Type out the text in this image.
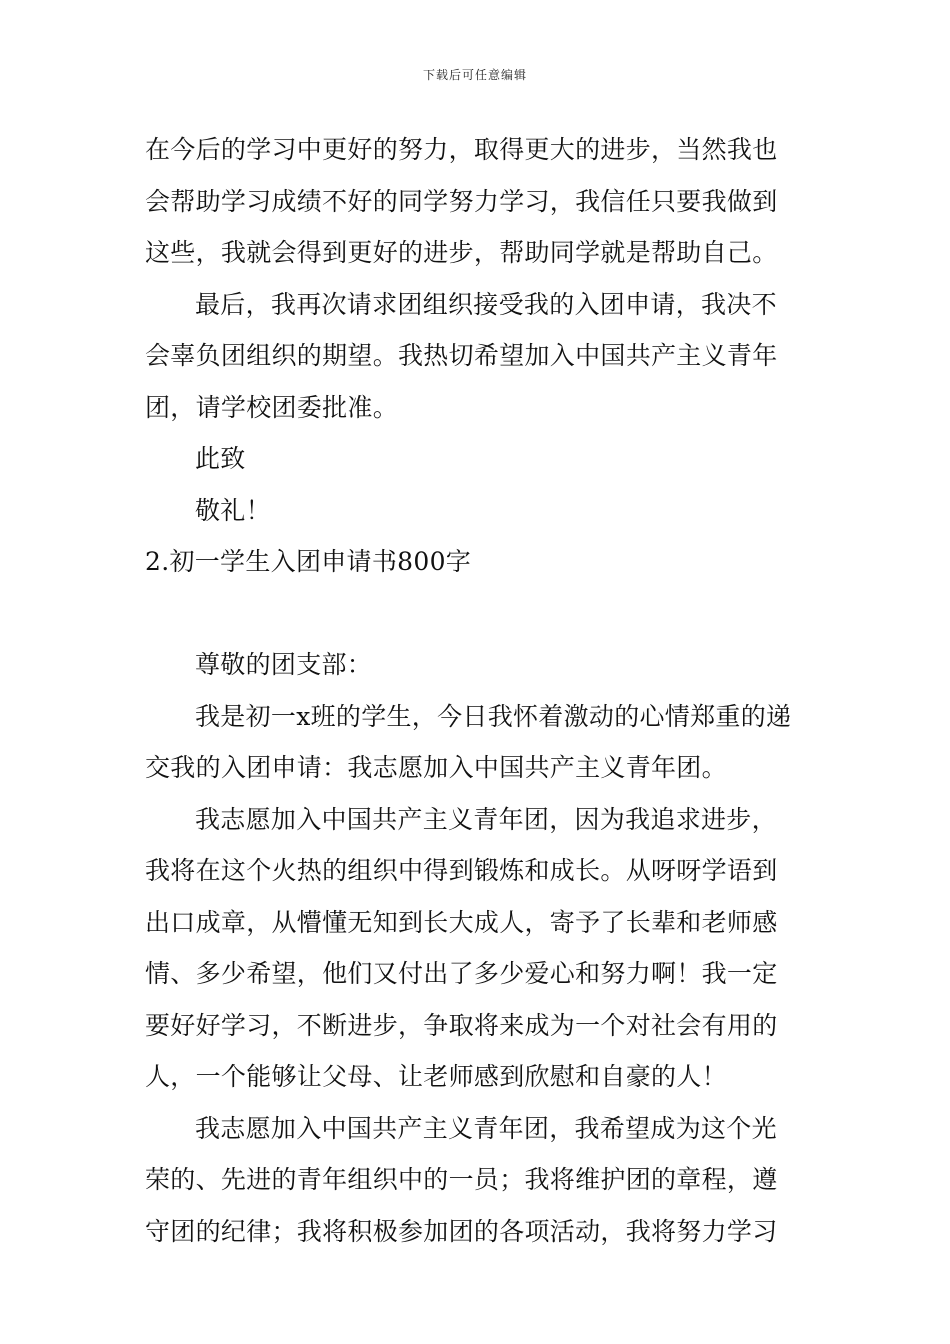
下载后可任意编辑
在今后的学习中更好的努力，取得更大的进步，当然我也
会帮助学习成绩不好的同学努力学习，我信任只要我做到
这些，我就会得到更好的进步，帮助同学就是帮助自己。
最后，我再次请求团组织接受我的入团申请，我决不
会辜负团组织的期望。我热切希望加入中国共产主义青年
团，请学校团委批准。
此致
敬礼！
2.初一学生入团申请书800字
尊敬的团支部：
我是初一x班的学生，今日我怀着激动的心情郑重的递
交我的入团申请：我志愿加入中国共产主义青年团。
我志愿加入中国共产主义青年团，因为我追求进步，
我将在这个火热的组织中得到锻炼和成长。从呀呀学语到
出口成章，从懵懂无知到长大成人，寄予了长辈和老师感
情、多少希望，他们又付出了多少爱心和努力啊！我一定
要好好学习，不断进步，争取将来成为一个对社会有用的
人，一个能够让父母、让老师感到欣慰和自豪的人！
我志愿加入中国共产主义青年团，我希望成为这个光
荣的、先进的青年组织中的一员；我将维护团的章程，遵
守团的纪律；我将积极参加团的各项活动，我将努力学习
